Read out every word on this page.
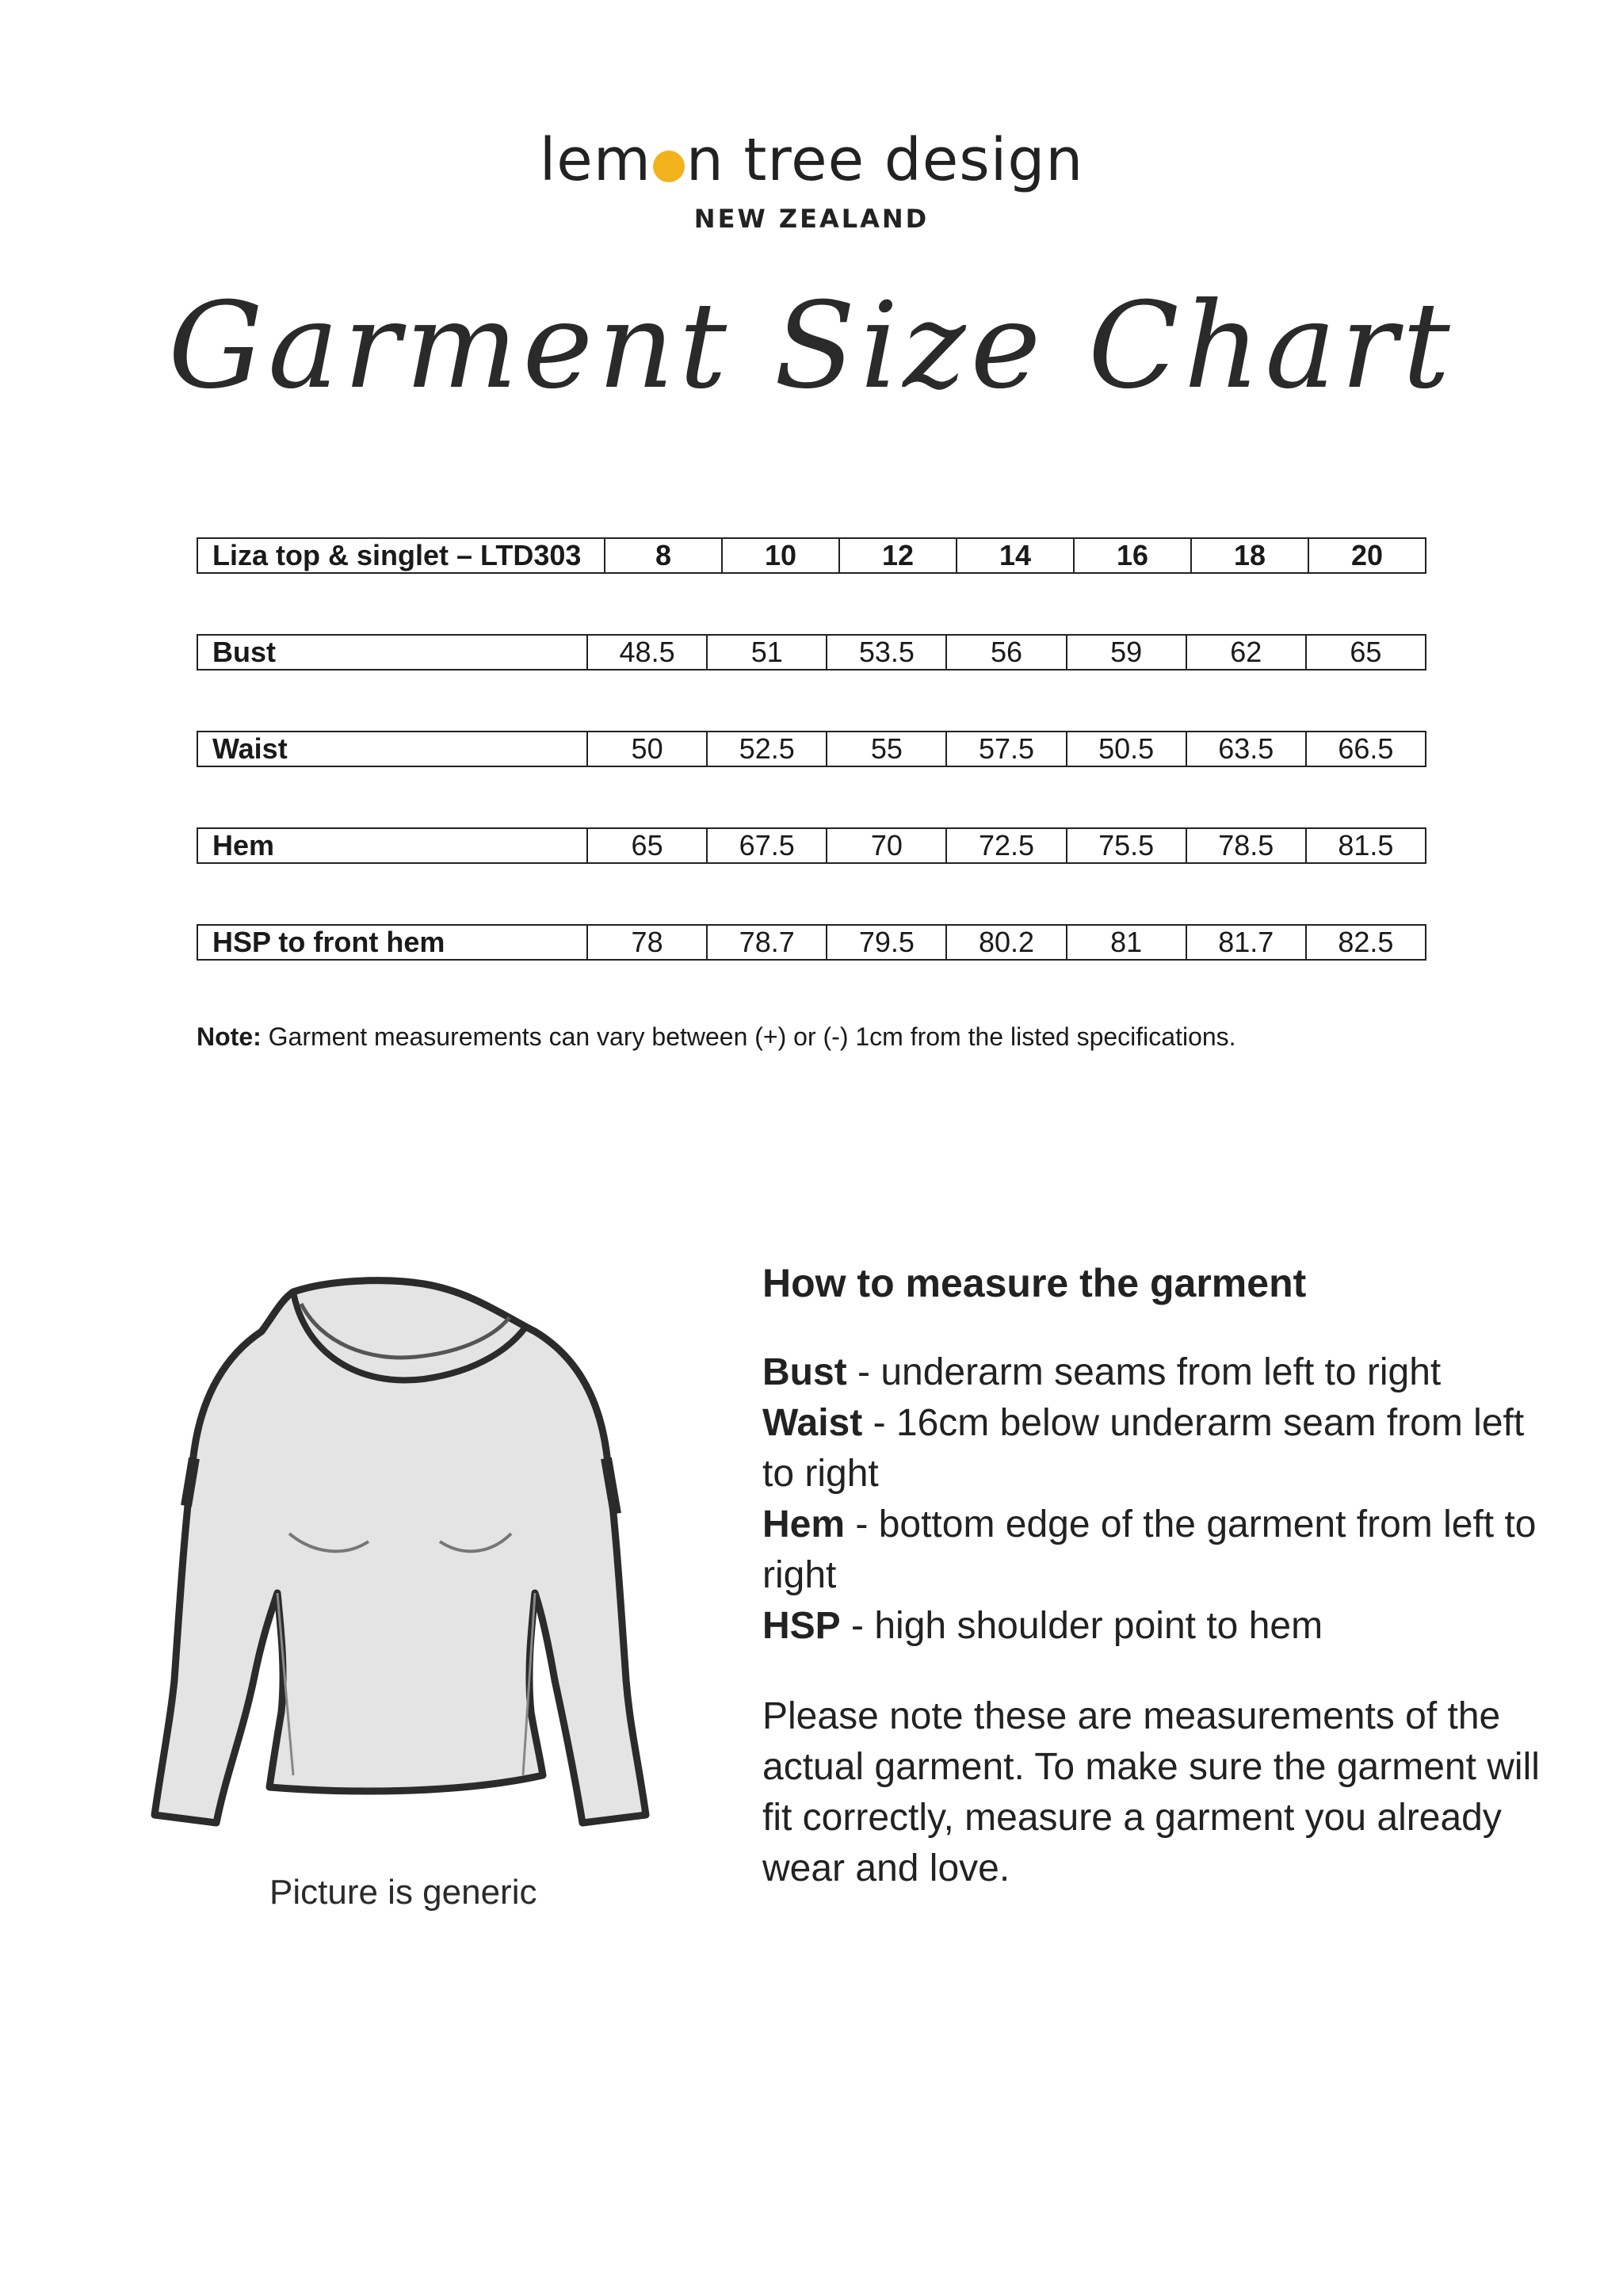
lem n tree design
NEW ZEALAND
Garment Size Chart
Liza top & singlet – LTD303	8	10	12	14	16	18	20
Bust	48.5	51	53.5	56	59	62	65
Waist	50	52.5	55	57.5	50.5	63.5	66.5
Hem	65	67.5	70	72.5	75.5	78.5	81.5
HSP to front hem	78	78.7	79.5	80.2	81	81.7	82.5
Note: Garment measurements can vary between (+) or (-) 1cm from the listed specifications.
Picture is generic
How to measure the garment
Bust - underarm seams from left to right
Waist - 16cm below underarm seam from left to right
Hem - bottom edge of the garment from left to right
HSP - high shoulder point to hem
Please note these are measurements of the actual garment. To make sure the garment will fit correctly, measure a garment you already wear and love.
